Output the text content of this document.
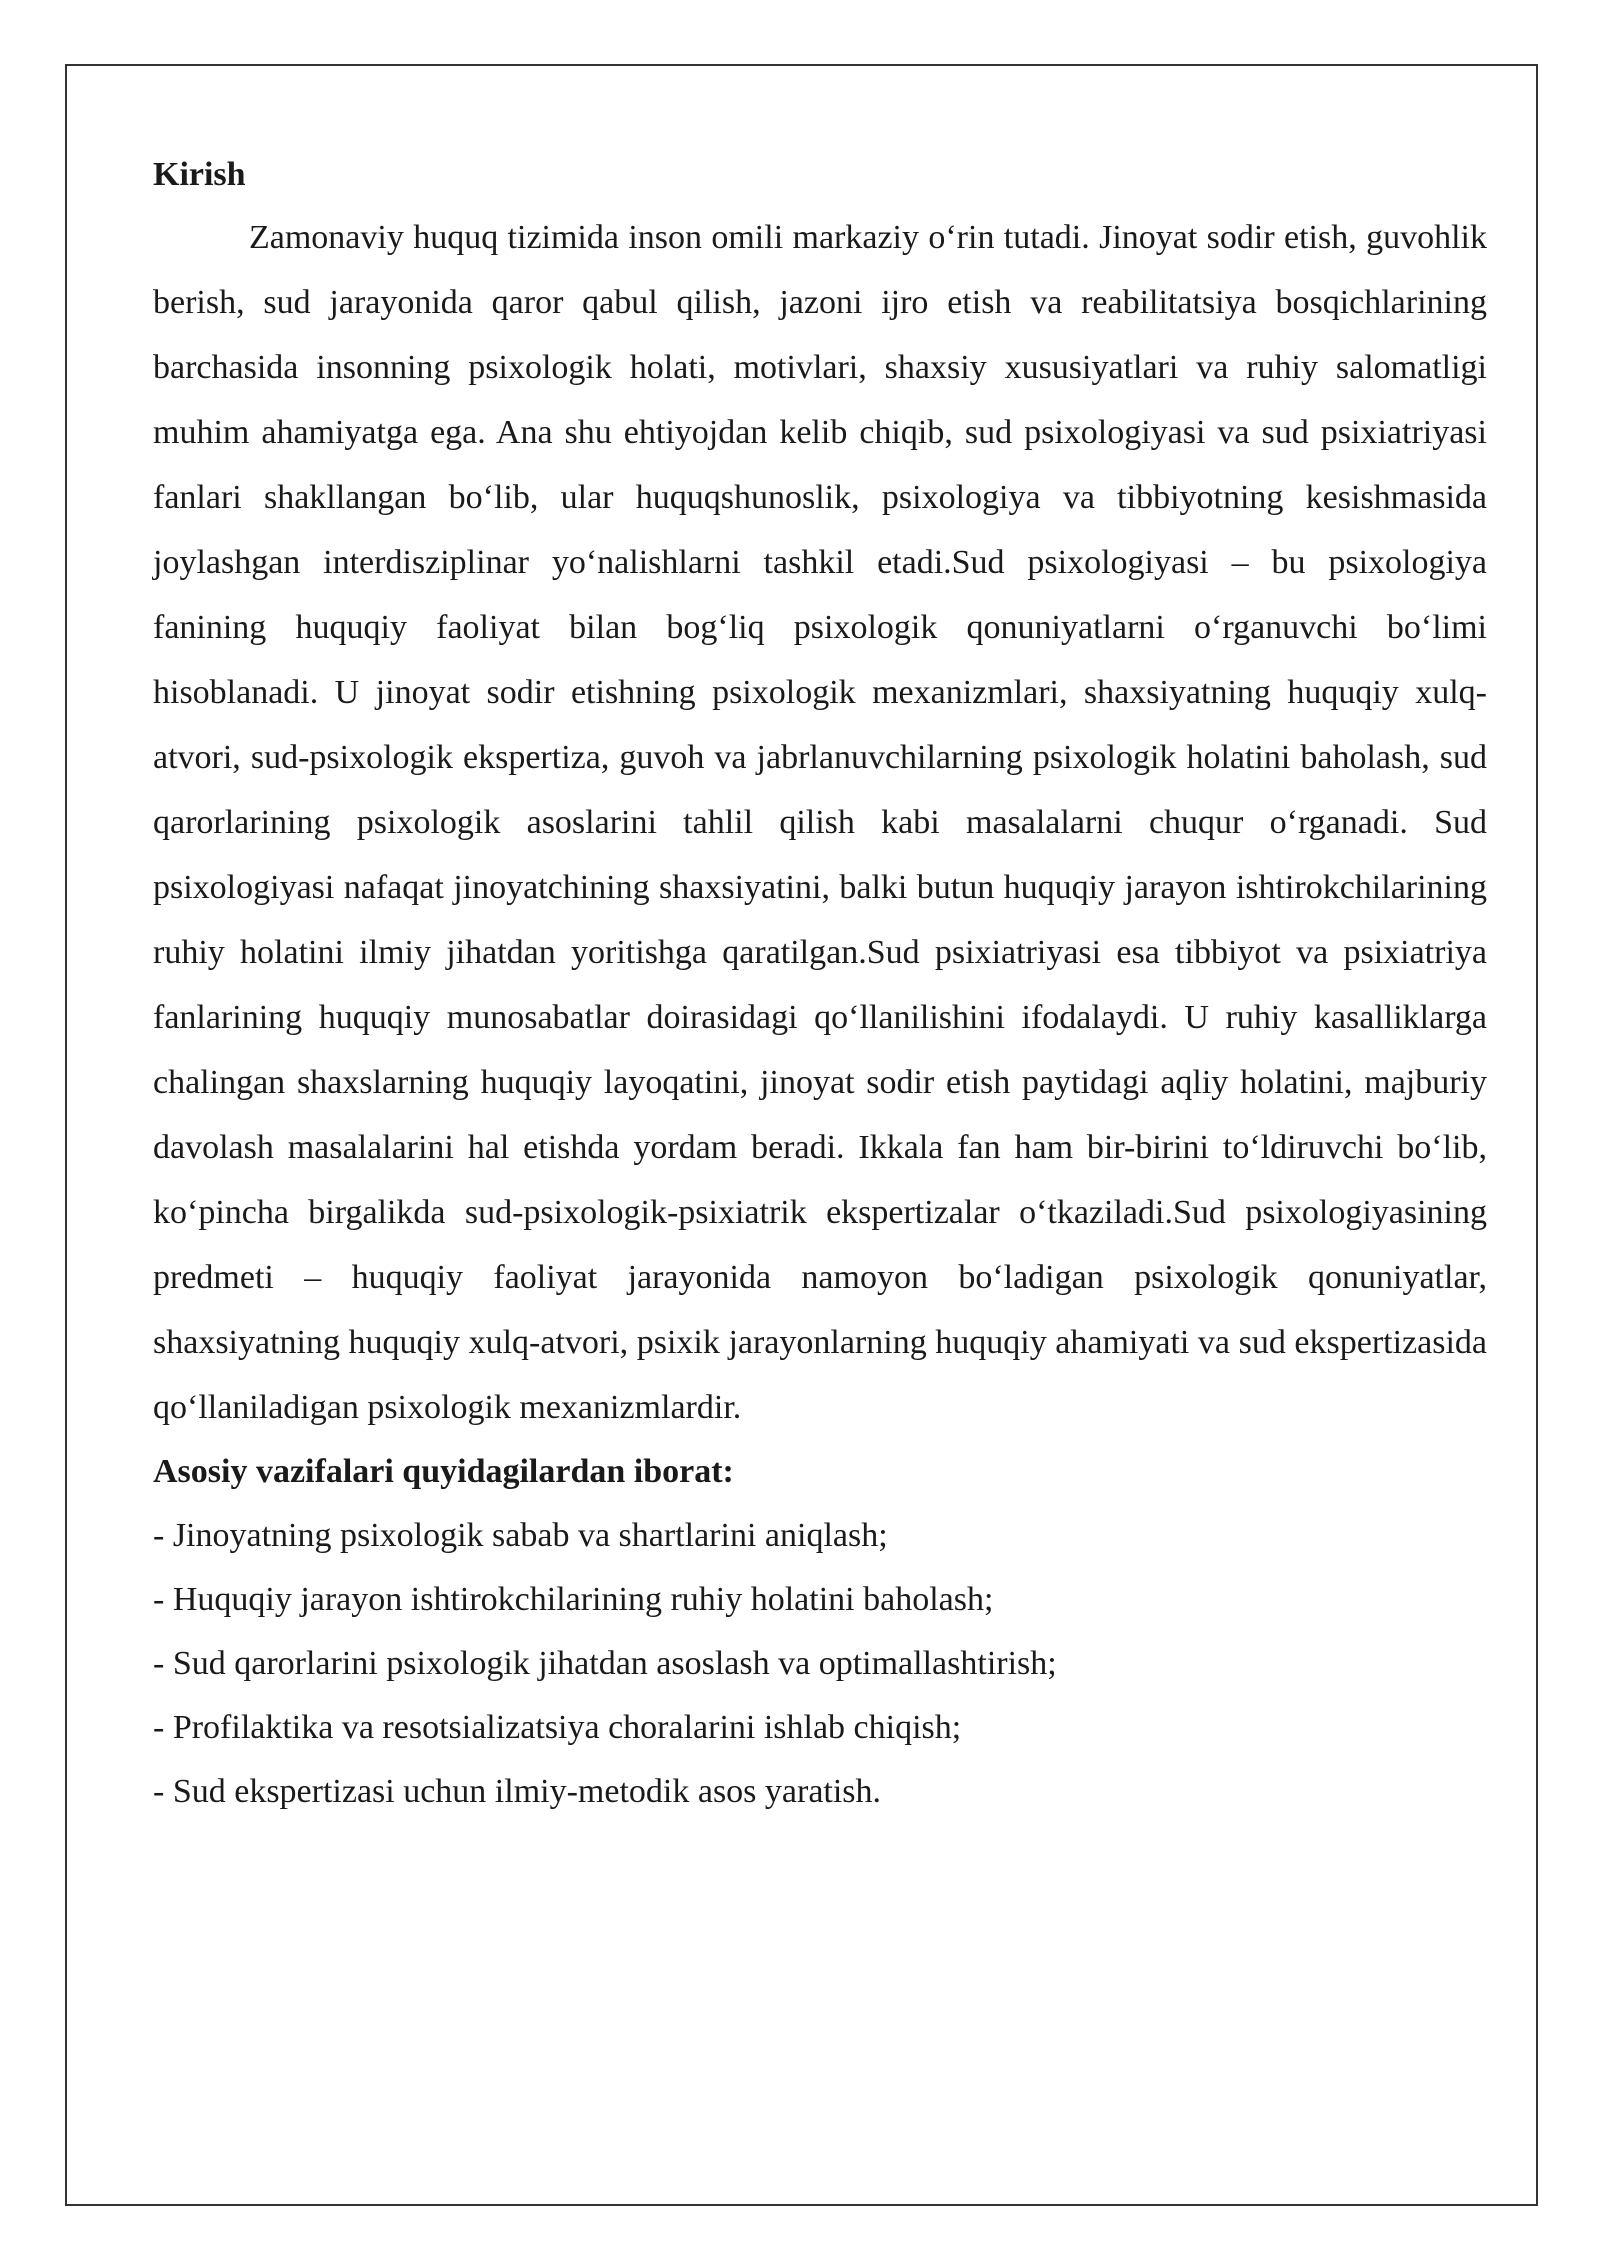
Kirish

Zamonaviy huquq tizimida inson omili markaziy o‘rin tutadi. Jinoyat sodir etish, guvohlik berish, sud jarayonida qaror qabul qilish, jazoni ijro etish va reabilitatsiya bosqichlarining barchasida insonning psixologik holati, motivlari, shaxsiy xususiyatlari va ruhiy salomatligi muhim ahamiyatga ega. Ana shu ehtiyojdan kelib chiqib, sud psixologiyasi va sud psixiatriyasi fanlari shakllangan bo‘lib, ular huquqshunoslik, psixologiya va tibbiyotning kesishmasida joylashgan interdisziplinar yo‘nalishlarni tashkil etadi.Sud psixologiyasi – bu psixologiya fanining huquqiy faoliyat bilan bog‘liq psixologik qonuniyatlarni o‘rganuvchi bo‘limi hisoblanadi. U jinoyat sodir etishning psixologik mexanizmlari, shaxsiyatning huquqiy xulq-atvori, sud-psixologik ekspertiza, guvoh va jabrlanuvchilarning psixologik holatini baholash, sud qarorlarining psixologik asoslarini tahlil qilish kabi masalalarni chuqur o‘rganadi. Sud psixologiyasi nafaqat jinoyatchining shaxsiyatini, balki butun huquqiy jarayon ishtirokchilarining ruhiy holatini ilmiy jihatdan yoritishga qaratilgan.Sud psixiatriyasi esa tibbiyot va psixiatriya fanlarining huquqiy munosabatlar doirasidagi qo‘llanilishini ifodalaydi. U ruhiy kasalliklarga chalingan shaxslarning huquqiy layoqatini, jinoyat sodir etish paytidagi aqliy holatini, majburiy davolash masalalarini hal etishda yordam beradi. Ikkala fan ham bir-birini to‘ldiruvchi bo‘lib, ko‘pincha birgalikda sud-psixologik-psixiatrik ekspertizalar o‘tkaziladi.Sud psixologiyasining predmeti – huquqiy faoliyat jarayonida namoyon bo‘ladigan psixologik qonuniyatlar, shaxsiyatning huquqiy xulq-atvori, psixik jarayonlarning huquqiy ahamiyati va sud ekspertizasida qo‘llaniladigan psixologik mexanizmlardir.

Asosiy vazifalari quyidagilardan iborat:

- Jinoyatning psixologik sabab va shartlarini aniqlash;
- Huquqiy jarayon ishtirokchilarining ruhiy holatini baholash;
- Sud qarorlarini psixologik jihatdan asoslash va optimallashtirish;
- Profilaktika va resotsializatsiya choralarini ishlab chiqish;
- Sud ekspertizasi uchun ilmiy-metodik asos yaratish.
